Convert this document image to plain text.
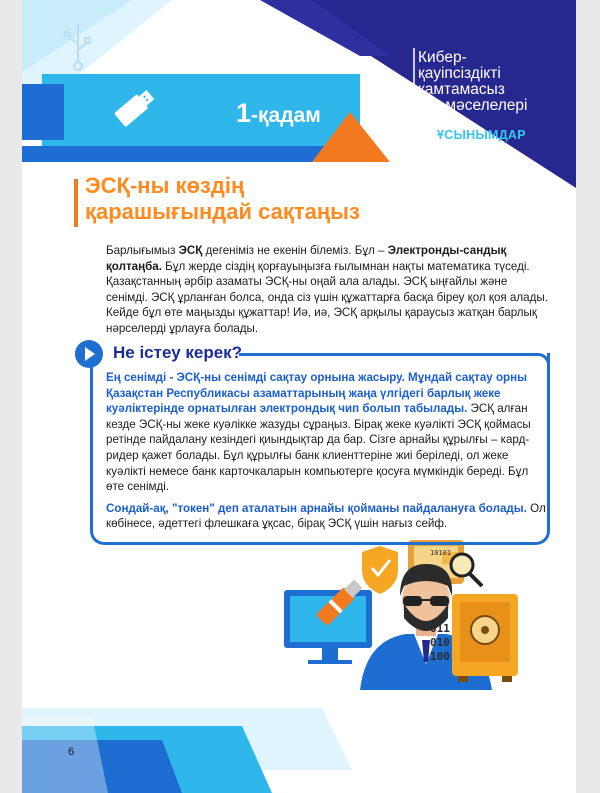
10101
011
010
100
Кибер-
қауіпсіздікті
қамтамасыз
ету мәселелері
ҰСЫНЫМДАР
1-қадам
ЭСҚ-ны көздің
қарашығындай сақтаңыз
Барлығымыз ЭСҚ дегеніміз не екенін білеміз. Бұл – Электронды-сандық қолтаңба. Бұл жерде сіздің қорғауыңызға ғылымнан нақты математика түседі. Қазақстанның әрбір азаматы ЭСҚ-ны оңай ала алады. ЭСҚ ыңғайлы және сенімді. ЭСҚ ұрланған болса, онда сіз үшін құжаттарға басқа біреу қол қоя алады. Кейде бұл өте маңызды құжаттар! Иә, иә, ЭСҚ арқылы қараусыз жатқан барлық нәрселерді ұрлауға болады.
Не істеу керек?

Ең сенімді - ЭСҚ-ны сенімді сақтау орнына жасыру. Мұндай сақтау орны Қазақстан Республикасы азаматтарының жаңа үлгідегі барлық жеке куәліктерінде орнатылған электрондық чип болып табылады. ЭСҚ алған кезде ЭСҚ-ны жеке куәлікке жазуды сұраңыз. Бірақ жеке куәлікті ЭСҚ қоймасы ретінде пайдалану кезіндегі қиындықтар да бар. Сізге арнайы құрылғы – кард-ридер қажет болады. Бұл құрылғы банк клиенттеріне жиі беріледі, ол жеке куәлікті немесе банк карточкаларын компьютерге қосуға мүмкіндік береді. Бұл өте сенімді.

Сондай-ақ, "токен" деп аталатын арнайы қойманы пайдалануға болады. Ол көбінесе, әдеттегі флешкаға ұқсас, бірақ ЭСҚ үшін нағыз сейф.

6
